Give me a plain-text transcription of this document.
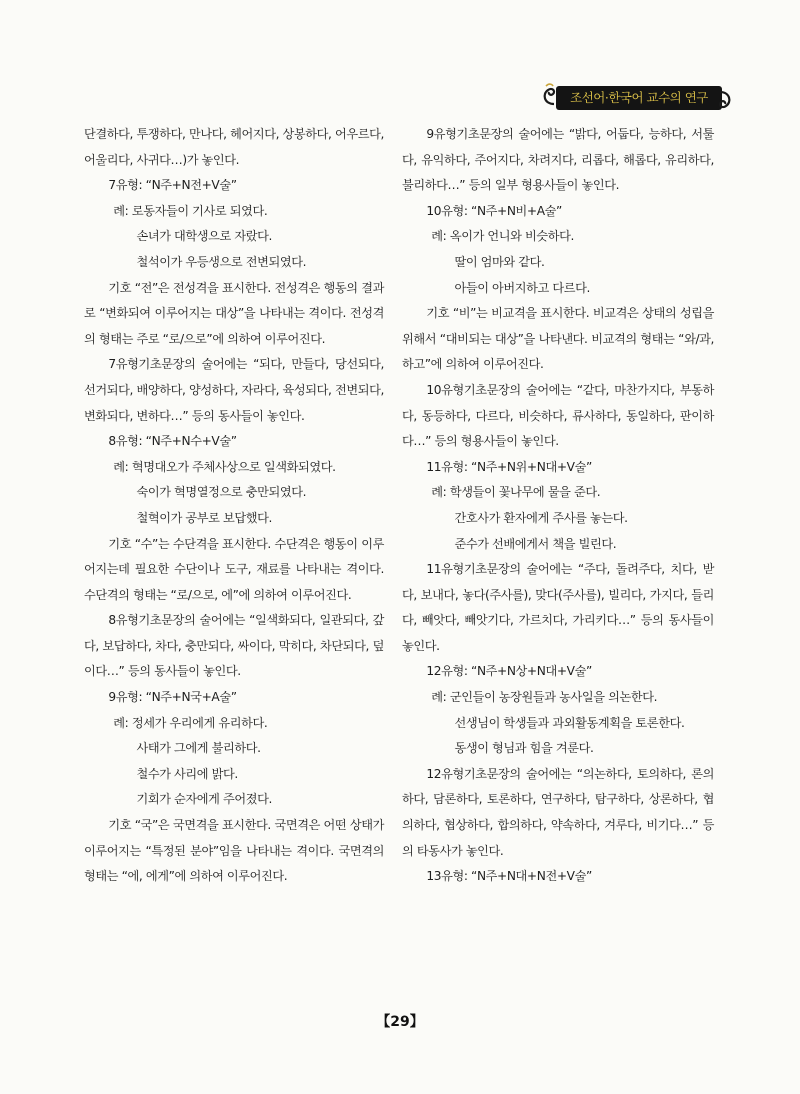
조선어·한국어 교수의 연구

단결하다, 투쟁하다, 만나다, 헤어지다, 상봉하다, 어우르다, 어울리다, 사귀다…)가 놓인다.

7유형: “N주+N전+V술”

례: 로동자들이 기사로 되였다.

손녀가 대학생으로 자랐다.

철석이가 우등생으로 전변되였다.

기호 “전”은 전성격을 표시한다. 전성격은 행동의 결과로 “변화되여 이루어지는 대상”을 나타내는 격이다. 전성격의 형태는 주로 “로/으로”에 의하여 이루어진다.

7유형기초문장의 술어에는 “되다, 만들다, 당선되다, 선거되다, 배양하다, 양성하다, 자라다, 육성되다, 전변되다, 변화되다, 변하다…” 등의 동사들이 놓인다.

8유형: “N주+N수+V술”

례: 혁명대오가 주체사상으로 일색화되였다.

숙이가 혁명열정으로 충만되였다.

철혁이가 공부로 보답했다.

기호 “수”는 수단격을 표시한다. 수단격은 행동이 이루어지는데 필요한 수단이나 도구, 재료를 나타내는 격이다. 수단격의 형태는 “로/으로, 에”에 의하여 이루어진다.

8유형기초문장의 술어에는 “일색화되다, 일관되다, 갚다, 보답하다, 차다, 충만되다, 싸이다, 막히다, 차단되다, 덮이다…” 등의 동사들이 놓인다.

9유형: “N주+N국+A술”

례: 정세가 우리에게 유리하다.

사태가 그에게 불리하다.

철수가 사리에 밝다.

기회가 순자에게 주어졌다.

기호 “국”은 국면격을 표시한다. 국면격은 어떤 상태가 이루어지는 “특정된 분야”임을 나타내는 격이다. 국면격의 형태는 “에, 에게”에 의하여 이루어진다.

9유형기초문장의 술어에는 “밝다, 어둡다, 능하다, 서툴다, 유익하다, 주어지다, 차려지다, 리롭다, 해롭다, 유리하다, 불리하다…” 등의 일부 형용사들이 놓인다.

10유형: “N주+N비+A술”

례: 옥이가 언니와 비슷하다.

딸이 엄마와 같다.

아들이 아버지하고 다르다.

기호 “비”는 비교격을 표시한다. 비교격은 상태의 성립을 위해서 “대비되는 대상”을 나타낸다. 비교격의 형태는 “와/과, 하고”에 의하여 이루어진다.

10유형기초문장의 술어에는 “같다, 마찬가지다, 부동하다, 동등하다, 다르다, 비슷하다, 류사하다, 동일하다, 판이하다…” 등의 형용사들이 놓인다.

11유형: “N주+N위+N대+V술”

례: 학생들이 꽃나무에 물을 준다.

간호사가 환자에게 주사를 놓는다.

준수가 선배에게서 책을 빌린다.

11유형기초문장의 술어에는 “주다, 돌려주다, 치다, 받다, 보내다, 놓다(주사를), 맞다(주사를), 빌리다, 가지다, 들리다, 빼앗다, 빼앗기다, 가르치다, 가리키다…” 등의 동사들이 놓인다.

12유형: “N주+N상+N대+V술”

례: 군인들이 농장원들과 농사일을 의논한다.

선생님이 학생들과 과외활동계획을 토론한다.

동생이 형님과 힘을 겨룬다.

12유형기초문장의 술어에는 “의논하다, 토의하다, 론의하다, 담론하다, 토론하다, 연구하다, 탐구하다, 상론하다, 협의하다, 협상하다, 합의하다, 약속하다, 겨루다, 비기다…” 등의 타동사가 놓인다.

13유형: “N주+N대+N전+V술”

【29】
